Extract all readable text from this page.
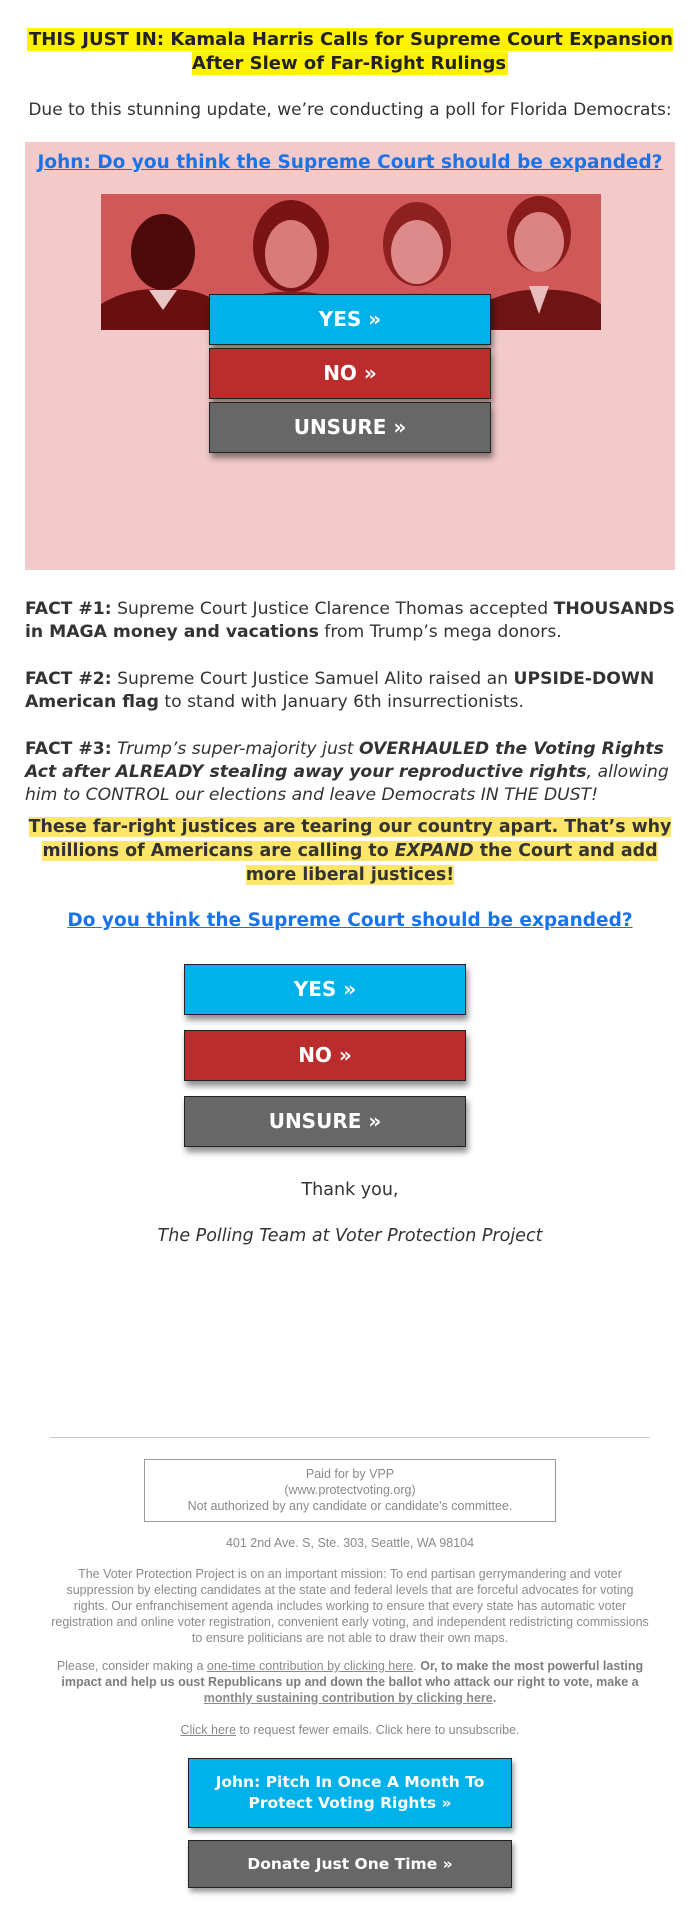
THIS JUST IN: Kamala Harris Calls for Supreme Court Expansion After Slew of Far-Right Rulings
Due to this stunning update, we’re conducting a poll for Florida Democrats:
John: Do you think the Supreme Court should be expanded?
YES »
NO »
UNSURE »
FACT #1: Supreme Court Justice Clarence Thomas accepted THOUSANDS in MAGA money and vacations from Trump’s mega donors.
FACT #2: Supreme Court Justice Samuel Alito raised an UPSIDE-DOWN American flag to stand with January 6th insurrectionists.
FACT #3: Trump’s super-majority just OVERHAULED the Voting Rights Act after ALREADY stealing away your reproductive rights, allowing him to CONTROL our elections and leave Democrats IN THE DUST!
These far-right justices are tearing our country apart. That’s why millions of Americans are calling to EXPAND the Court and add more liberal justices!
Do you think the Supreme Court should be expanded?
YES »
NO »
UNSURE »
Thank you,
The Polling Team at Voter Protection Project
Paid for by VPP
(www.protectvoting.org)
Not authorized by any candidate or candidate's committee.
401 2nd Ave. S, Ste. 303, Seattle, WA 98104
The Voter Protection Project is on an important mission: To end partisan gerrymandering and voter suppression by electing candidates at the state and federal levels that are forceful advocates for voting rights. Our enfranchisement agenda includes working to ensure that every state has automatic voter registration and online voter registration, convenient early voting, and independent redistricting commissions to ensure politicians are not able to draw their own maps.
Please, consider making a one-time contribution by clicking here. Or, to make the most powerful lasting impact and help us oust Republicans up and down the ballot who attack our right to vote, make a monthly sustaining contribution by clicking here.
Click here to request fewer emails. Click here to unsubscribe.
John: Pitch In Once A Month To Protect Voting Rights »
Donate Just One Time »
